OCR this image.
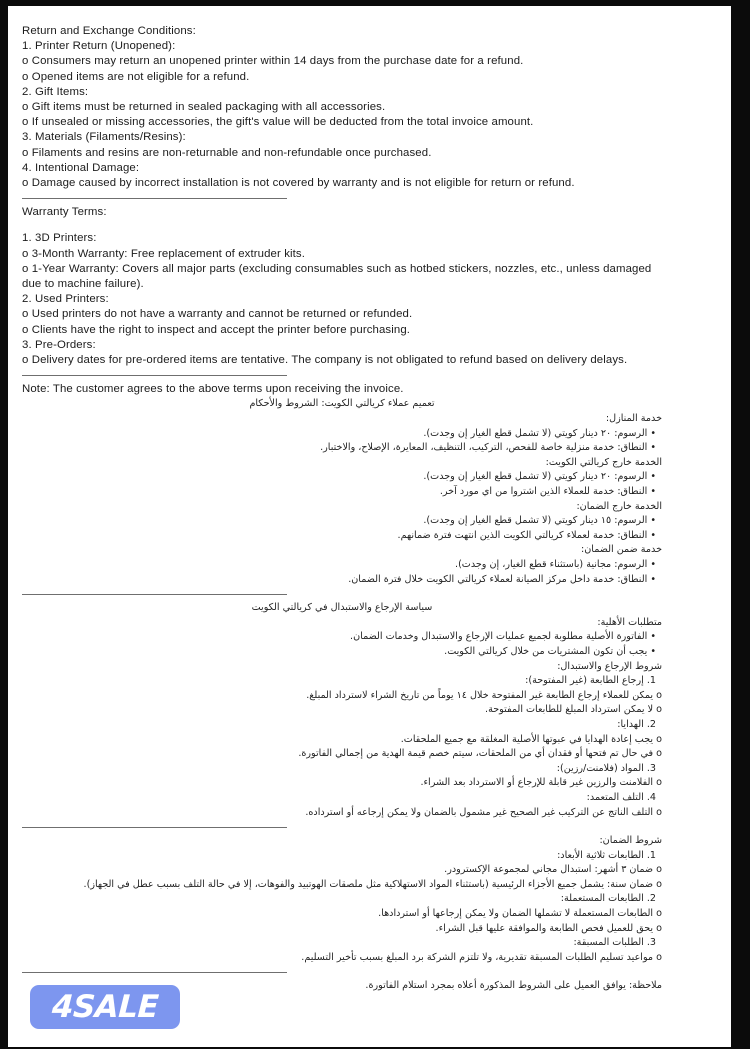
Return and Exchange Conditions:
1. Printer Return (Unopened):
o Consumers may return an unopened printer within 14 days from the purchase date for a refund.
o Opened items are not eligible for a refund.
2. Gift Items:
o Gift items must be returned in sealed packaging with all accessories.
o If unsealed or missing accessories, the gift's value will be deducted from the total invoice amount.
3. Materials (Filaments/Resins):
o Filaments and resins are non-returnable and non-refundable once purchased.
4. Intentional Damage:
o Damage caused by incorrect installation is not covered by warranty and is not eligible for return or refund.
Warranty Terms:
1. 3D Printers:
o 3-Month Warranty: Free replacement of extruder kits.
o 1-Year Warranty: Covers all major parts (excluding consumables such as hotbed stickers, nozzles, etc., unless damaged due to machine failure).
2. Used Printers:
o Used printers do not have a warranty and cannot be returned or refunded.
o Clients have the right to inspect and accept the printer before purchasing.
3. Pre-Orders:
o Delivery dates for pre-ordered items are tentative. The company is not obligated to refund based on delivery delays.
Note: The customer agrees to the above terms upon receiving the invoice.
تعميم عملاء كريالتي الكويت: الشروط والأحكام
خدمة المنازل:
• الرسوم: ٢٠ دينار كويتي (لا تشمل قطع الغيار إن وجدت).
• النطاق: خدمة منزلية خاصة للفحص، التركيب، التنظيف، المعايرة، الإصلاح، والاختبار.
الخدمة خارج كريالتي الكويت:
• الرسوم: ٢٠ دينار كويتي (لا تشمل قطع الغيار إن وجدت).
• النطاق: خدمة للعملاء الذين اشتروا من اي مورد آخر.
الخدمة خارج الضمان:
• الرسوم: ١٥ دينار كويتي (لا تشمل قطع الغيار إن وجدت).
• النطاق: خدمة لعملاء كريالتي الكويت الذين انتهت فترة ضمانهم.
خدمة ضمن الضمان:
• الرسوم: مجانية (باستثناء قطع الغيار، إن وجدت).
• النطاق: خدمة داخل مركز الصيانة لعملاء كريالتي الكويت خلال فترة الضمان.
سياسة الإرجاع والاستبدال في كريالتي الكويت
متطلبات الأهلية:
• الفاتورة الأصلية مطلوبة لجميع عمليات الإرجاع والاستبدال وخدمات الضمان.
• يجب أن تكون المشتريات من خلال كريالتي الكويت.
شروط الإرجاع والاستبدال:
1. إرجاع الطابعة (غير المفتوحة):
o يمكن للعملاء إرجاع الطابعة غير المفتوحة خلال ١٤ يوماً من تاريخ الشراء لاسترداد المبلغ.
o لا يمكن استرداد المبلغ للطابعات المفتوحة.
2. الهدايا:
o يجب إعادة الهدايا في عبوتها الأصلية المغلقة مع جميع الملحقات.
o في حال تم فتحها أو فقدان أي من الملحقات، سيتم خصم قيمة الهدية من إجمالي الفاتورة.
3. المواد (فلامنت/رزين):
o الفلامنت والرزين غير قابلة للإرجاع أو الاسترداد بعد الشراء.
4. التلف المتعمد:
o التلف الناتج عن التركيب غير الصحيح غير مشمول بالضمان ولا يمكن إرجاعه أو استرداده.
شروط الضمان:
1. الطابعات ثلاثية الأبعاد:
o ضمان ٣ أشهر: استبدال مجاني لمجموعة الإكسترودر.
o ضمان سنة: يشمل جميع الأجزاء الرئيسية (باستثناء المواد الاستهلاكية مثل ملصقات الهوتبيد والفوهات، إلا في حالة التلف بسبب عطل في الجهاز).
2. الطابعات المستعملة:
o الطابعات المستعملة لا تشملها الضمان ولا يمكن إرجاعها أو استردادها.
o يحق للعميل فحص الطابعة والموافقة عليها قبل الشراء.
3. الطلبات المسبقة:
o مواعيد تسليم الطلبات المسبقة تقديرية، ولا تلتزم الشركة برد المبلغ بسبب تأخير التسليم.
ملاحظة: يوافق العميل على الشروط المذكورة أعلاه بمجرد استلام الفاتورة.
4SALE
